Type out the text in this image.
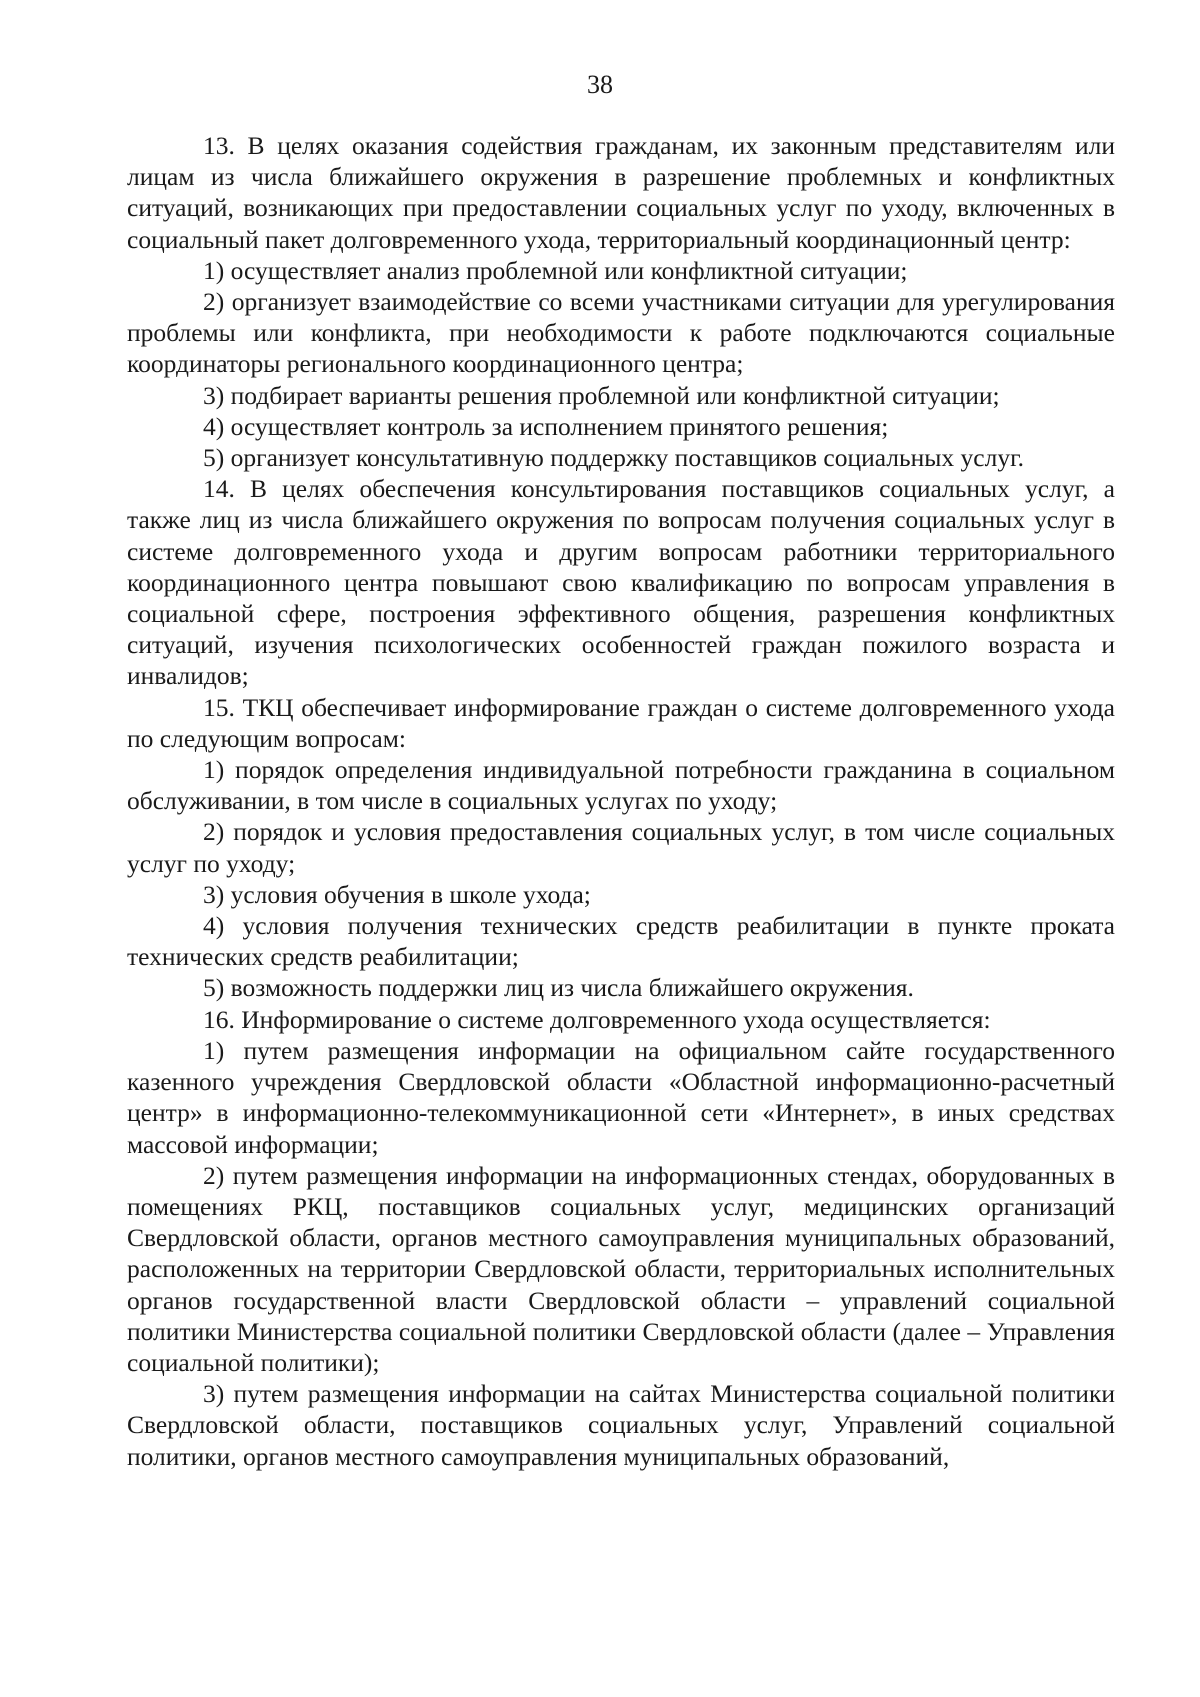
38

13. В целях оказания содействия гражданам, их законным представителям или лицам из числа ближайшего окружения в разрешение проблемных и конфликтных ситуаций, возникающих при предоставлении социальных услуг по уходу, включенных в социальный пакет долговременного ухода, территориальный координационный центр:

1) осуществляет анализ проблемной или конфликтной ситуации;

2) организует взаимодействие со всеми участниками ситуации для урегулирования проблемы или конфликта, при необходимости к работе подключаются социальные координаторы регионального координационного центра;

3) подбирает варианты решения проблемной или конфликтной ситуации;

4) осуществляет контроль за исполнением принятого решения;

5) организует консультативную поддержку поставщиков социальных услуг.

14. В целях обеспечения консультирования поставщиков социальных услуг, а также лиц из числа ближайшего окружения по вопросам получения социальных услуг в системе долговременного ухода и другим вопросам работники территориального координационного центра повышают свою квалификацию по вопросам управления в социальной сфере, построения эффективного общения, разрешения конфликтных ситуаций, изучения психологических особенностей граждан пожилого возраста и инвалидов;

15. ТКЦ обеспечивает информирование граждан о системе долговременного ухода по следующим вопросам:

1) порядок определения индивидуальной потребности гражданина в социальном обслуживании, в том числе в социальных услугах по уходу;

2) порядок и условия предоставления социальных услуг, в том числе социальных услуг по уходу;

3) условия обучения в школе ухода;

4) условия получения технических средств реабилитации в пункте проката технических средств реабилитации;

5) возможность поддержки лиц из числа ближайшего окружения.

16. Информирование о системе долговременного ухода осуществляется:

1) путем размещения информации на официальном сайте государственного казенного учреждения Свердловской области «Областной информационно-расчетный центр» в информационно-телекоммуникационной сети «Интернет», в иных средствах массовой информации;

2) путем размещения информации на информационных стендах, оборудованных в помещениях РКЦ, поставщиков социальных услуг, медицинских организаций Свердловской области, органов местного самоуправления муниципальных образований, расположенных на территории Свердловской области, территориальных исполнительных органов государственной власти Свердловской области – управлений социальной политики Министерства социальной политики Свердловской области (далее – Управления социальной политики);

3) путем размещения информации на сайтах Министерства социальной политики Свердловской области, поставщиков социальных услуг, Управлений социальной политики, органов местного самоуправления муниципальных образований,
